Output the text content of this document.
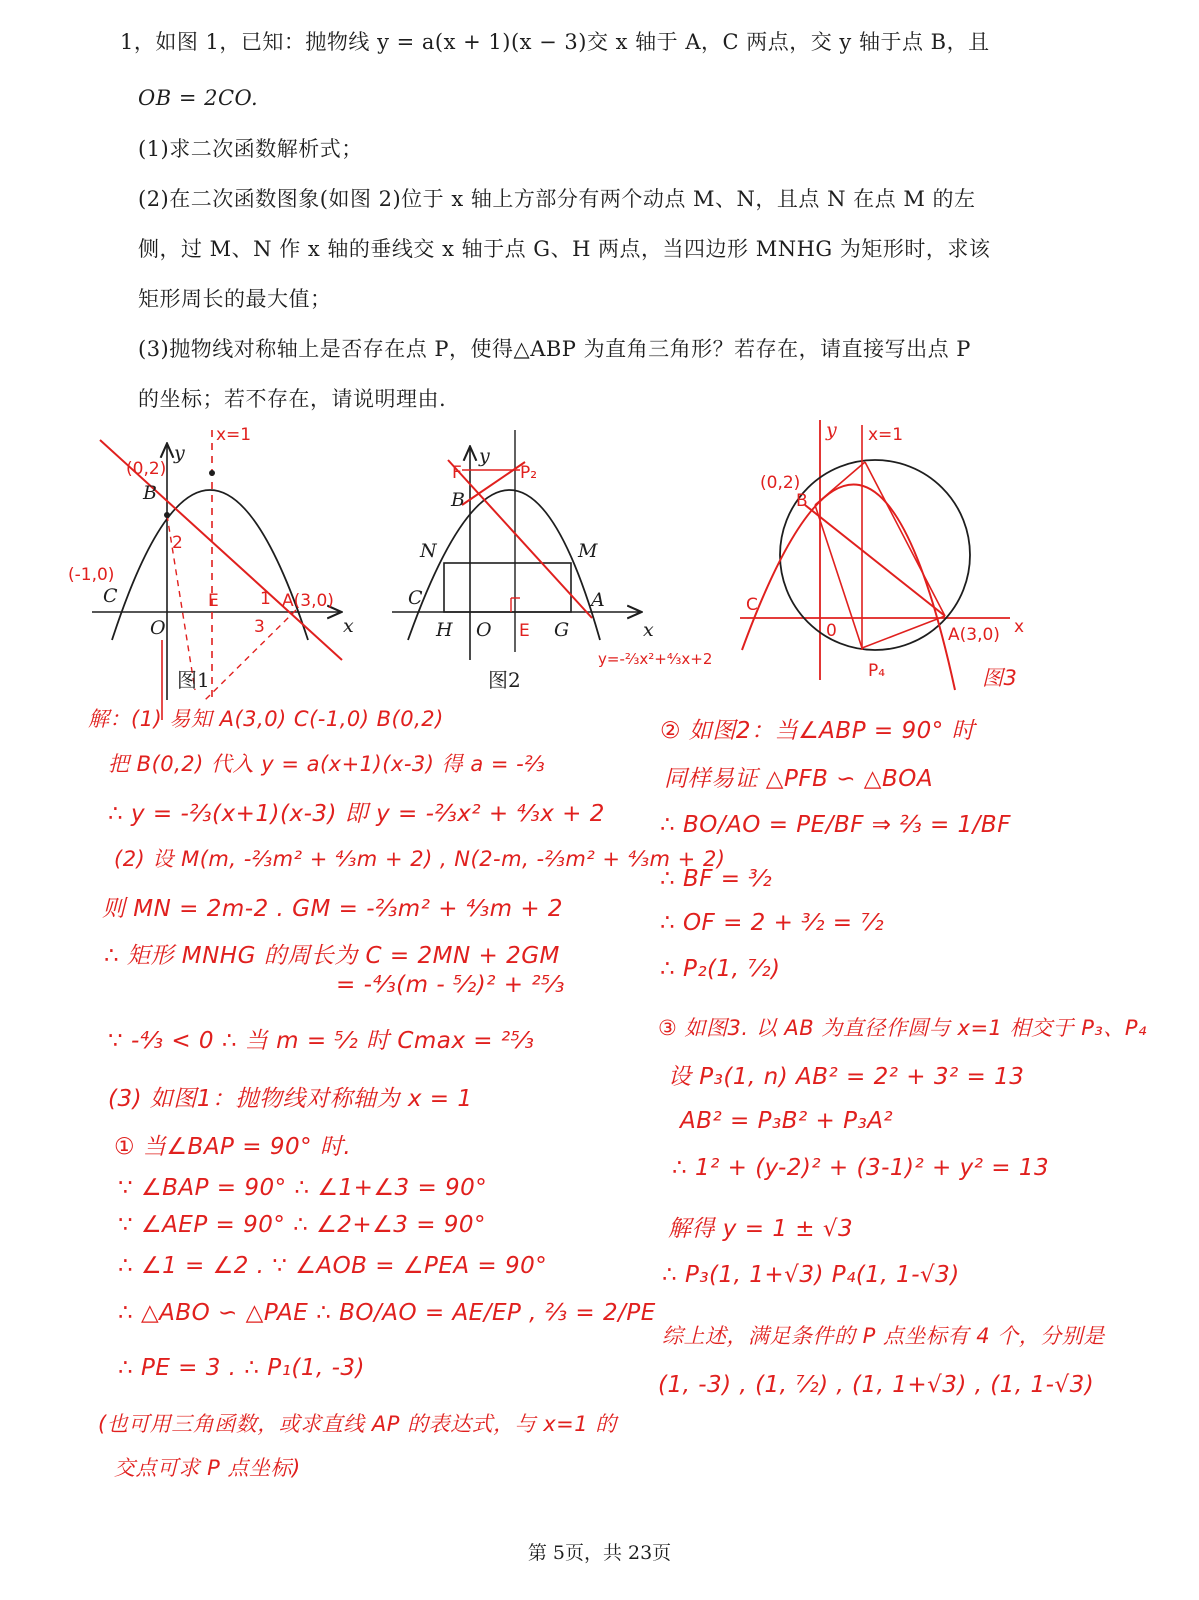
1，如图 1，已知：抛物线 y = a(x + 1)(x − 3)交 x 轴于 A，C 两点，交 y 轴于点 B，且
OB = 2CO.
(1)求二次函数解析式；
(2)在二次函数图象(如图 2)位于 x 轴上方部分有两个动点 M、N，且点 N 在点 M 的左
侧，过 M、N 作 x 轴的垂线交 x 轴于点 G、H 两点，当四边形 MNHG 为矩形时，求该
矩形周长的最大值；
(3)抛物线对称轴上是否存在点 P，使得△ABP 为直角三角形？若存在，请直接写出点 P
的坐标；若不存在，请说明理由.
x=1
(0,2)
y
B
(-1,0)
C
O
E	A(3,0)
x
2
1
3
图1
F
y
P₂
B
N	M
C	A
H O E G	x
y=-⅔x²+⁴⁄₃x+2
图2
y x=1
(0,2)
B
C
0	A(3,0) x
P₄	图3
解：(1) 易知 A(3,0) C(-1,0) B(0,2)
把 B(0,2) 代入 y = a(x+1)(x-3) 得 a = -⅔
∴ y = -⅔(x+1)(x-3) 即 y = -⅔x² + ⁴⁄₃x + 2
(2) 设 M(m, -⅔m² + ⁴⁄₃m + 2) , N(2-m, -⅔m² + ⁴⁄₃m + 2)
则 MN = 2m-2 . GM = -⅔m² + ⁴⁄₃m + 2
∴ 矩形 MNHG 的周长为 C = 2MN + 2GM
= -⁴⁄₃(m - ⁵⁄₂)² + ²⁵⁄₃
∵ -⁴⁄₃ < 0 ∴ 当 m = ⁵⁄₂ 时 Cmax = ²⁵⁄₃
(3) 如图1：抛物线对称轴为 x = 1
① 当∠BAP = 90° 时.
∵ ∠BAP = 90° ∴ ∠1+∠3 = 90°
∵ ∠AEP = 90° ∴ ∠2+∠3 = 90°
∴ ∠1 = ∠2 . ∵ ∠AOB = ∠PEA = 90°
∴ △ABO ∽ △PAE ∴ BO/AO = AE/EP , ⅔ = 2/PE
∴ PE = 3 . ∴ P₁(1, -3)
(也可用三角函数，或求直线 AP 的表达式，与 x=1 的
交点可求 P 点坐标)
② 如图2：当∠ABP = 90° 时
同样易证 △PFB ∽ △BOA
∴ BO/AO = PE/BF ⇒ ⅔ = 1/BF
∴ BF = ³⁄₂
∴ OF = 2 + ³⁄₂ = ⁷⁄₂
∴ P₂(1, ⁷⁄₂)
③ 如图3. 以 AB 为直径作圆与 x=1 相交于 P₃、P₄
设 P₃(1, n) AB² = 2² + 3² = 13
AB² = P₃B² + P₃A²
∴ 1² + (y-2)² + (3-1)² + y² = 13
解得 y = 1 ± √3
∴ P₃(1, 1+√3) P₄(1, 1-√3)
综上述，满足条件的 P 点坐标有 4 个，分别是
(1, -3) , (1, ⁷⁄₂) , (1, 1+√3) , (1, 1-√3)
第 5页，共 23页
